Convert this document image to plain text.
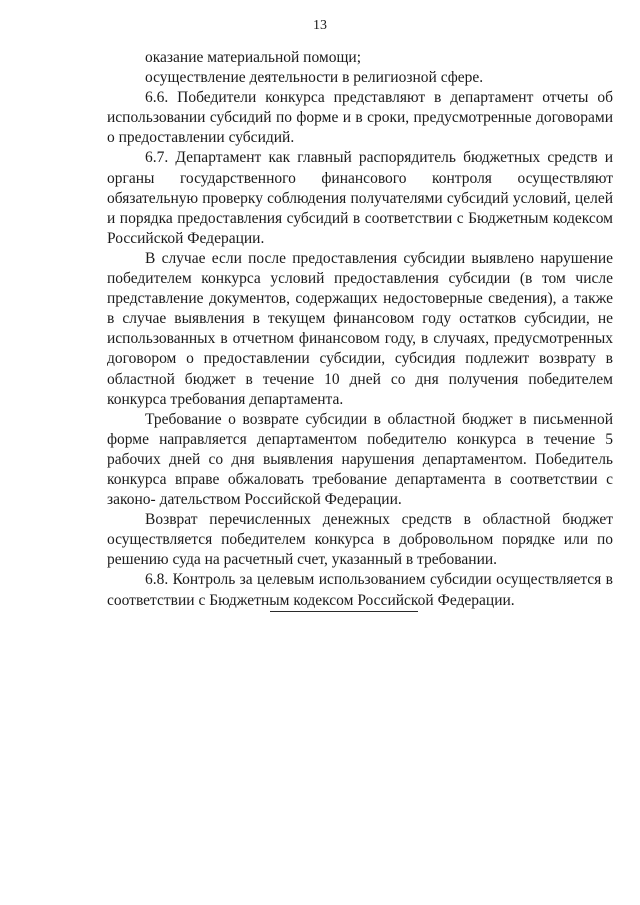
13

оказание материальной помощи;

осуществление деятельности в религиозной сфере.

6.6. Победители конкурса представляют в департамент отчеты об использовании субсидий по форме и в сроки, предусмотренные договорами о предоставлении субсидий.

6.7. Департамент как главный распорядитель бюджетных средств и органы государственного финансового контроля осуществляют обязательную проверку соблюдения получателями субсидий условий, целей и порядка предоставления субсидий в соответствии с Бюджетным кодексом Российской Федерации.

В случае если после предоставления субсидии выявлено нарушение победителем конкурса условий предоставления субсидии (в том числе представление документов, содержащих недостоверные сведения), а также в случае выявления в текущем финансовом году остатков субсидии, не использованных в отчетном финансовом году, в случаях, предусмотренных договором о предоставлении субсидии, субсидия подлежит возврату в областной бюджет в течение 10 дней со дня получения победителем конкурса требования департамента.

Требование о возврате субсидии в областной бюджет в письменной форме направляется департаментом победителю конкурса в течение 5 рабочих дней со дня выявления нарушения департаментом. Победитель конкурса вправе обжаловать требование департамента в соответствии с законо- дательством Российской Федерации.

Возврат перечисленных денежных средств в областной бюджет осуществляется победителем конкурса в добровольном порядке или по решению суда на расчетный счет, указанный в требовании.

6.8. Контроль за целевым использованием субсидии осуществляется в соответствии с Бюджетным кодексом Российской Федерации.
